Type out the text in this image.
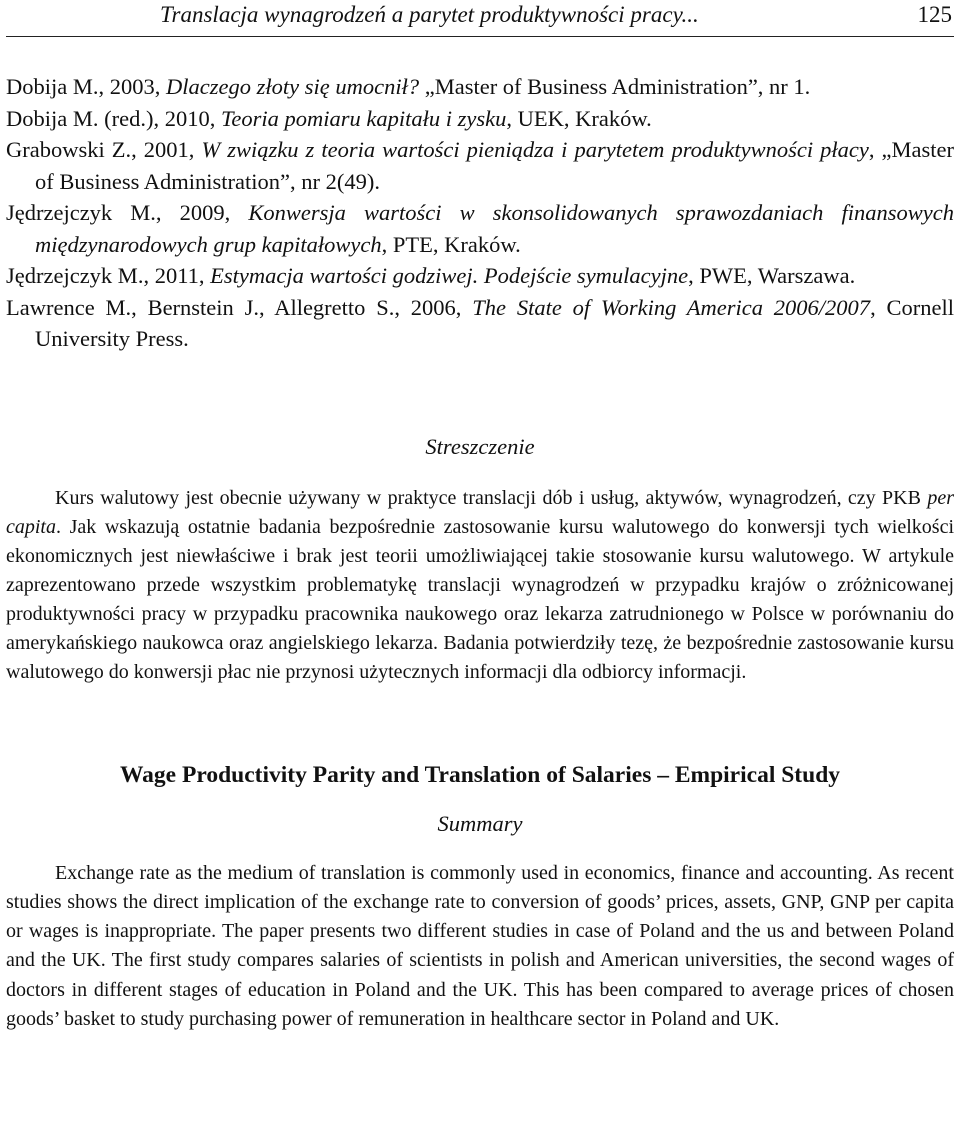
Translacja wynagrodzeń a parytet produktywności pracy...	125

Dobija M., 2003, Dlaczego złoty się umocnił? „Master of Business Administration”, nr 1.

Dobija M. (red.), 2010, Teoria pomiaru kapitału i zysku, UEK, Kraków.

Grabowski Z., 2001, W związku z teoria wartości pieniądza i parytetem produktywności płacy, „Master of Business Administration”, nr 2(49).

Jędrzejczyk M., 2009, Konwersja wartości w skonsolidowanych sprawozdaniach finansowych międzynarodowych grup kapitałowych, PTE, Kraków.

Jędrzejczyk M., 2011, Estymacja wartości godziwej. Podejście symulacyjne, PWE, Warszawa.

Lawrence M., Bernstein J., Allegretto S., 2006, The State of Working America 2006/2007, Cornell University Press.

Streszczenie

Kurs walutowy jest obecnie używany w praktyce translacji dób i usług, aktywów, wynagrodzeń, czy PKB per capita. Jak wskazują ostatnie badania bezpośrednie zastosowanie kursu walutowego do konwersji tych wielkości ekonomicznych jest niewłaściwe i brak jest teorii umożliwiającej takie stosowanie kursu walutowego. W artykule zaprezentowano przede wszystkim problematykę translacji wynagrodzeń w przypadku krajów o zróżnicowanej produktywności pracy w przypadku pracownika naukowego oraz lekarza zatrudnionego w Polsce w porównaniu do amerykańskiego naukowca oraz angielskiego lekarza. Badania potwierdziły tezę, że bezpośrednie zastosowanie kursu walutowego do konwersji płac nie przynosi użytecznych informacji dla odbiorcy informacji.

Wage Productivity Parity and Translation of Salaries – Empirical Study

Summary

Exchange rate as the medium of translation is commonly used in economics, finance and accounting. As recent studies shows the direct implication of the exchange rate to conversion of goods’ prices, assets, GNP, GNP per capita or wages is inappropriate. The paper presents two different studies in case of Poland and the us and between Poland and the UK. The first study compares salaries of scientists in polish and American universities, the second wages of doctors in different stages of education in Poland and the UK. This has been compared to average prices of chosen goods’ basket to study purchasing power of remuneration in healthcare sector in Poland and UK.
